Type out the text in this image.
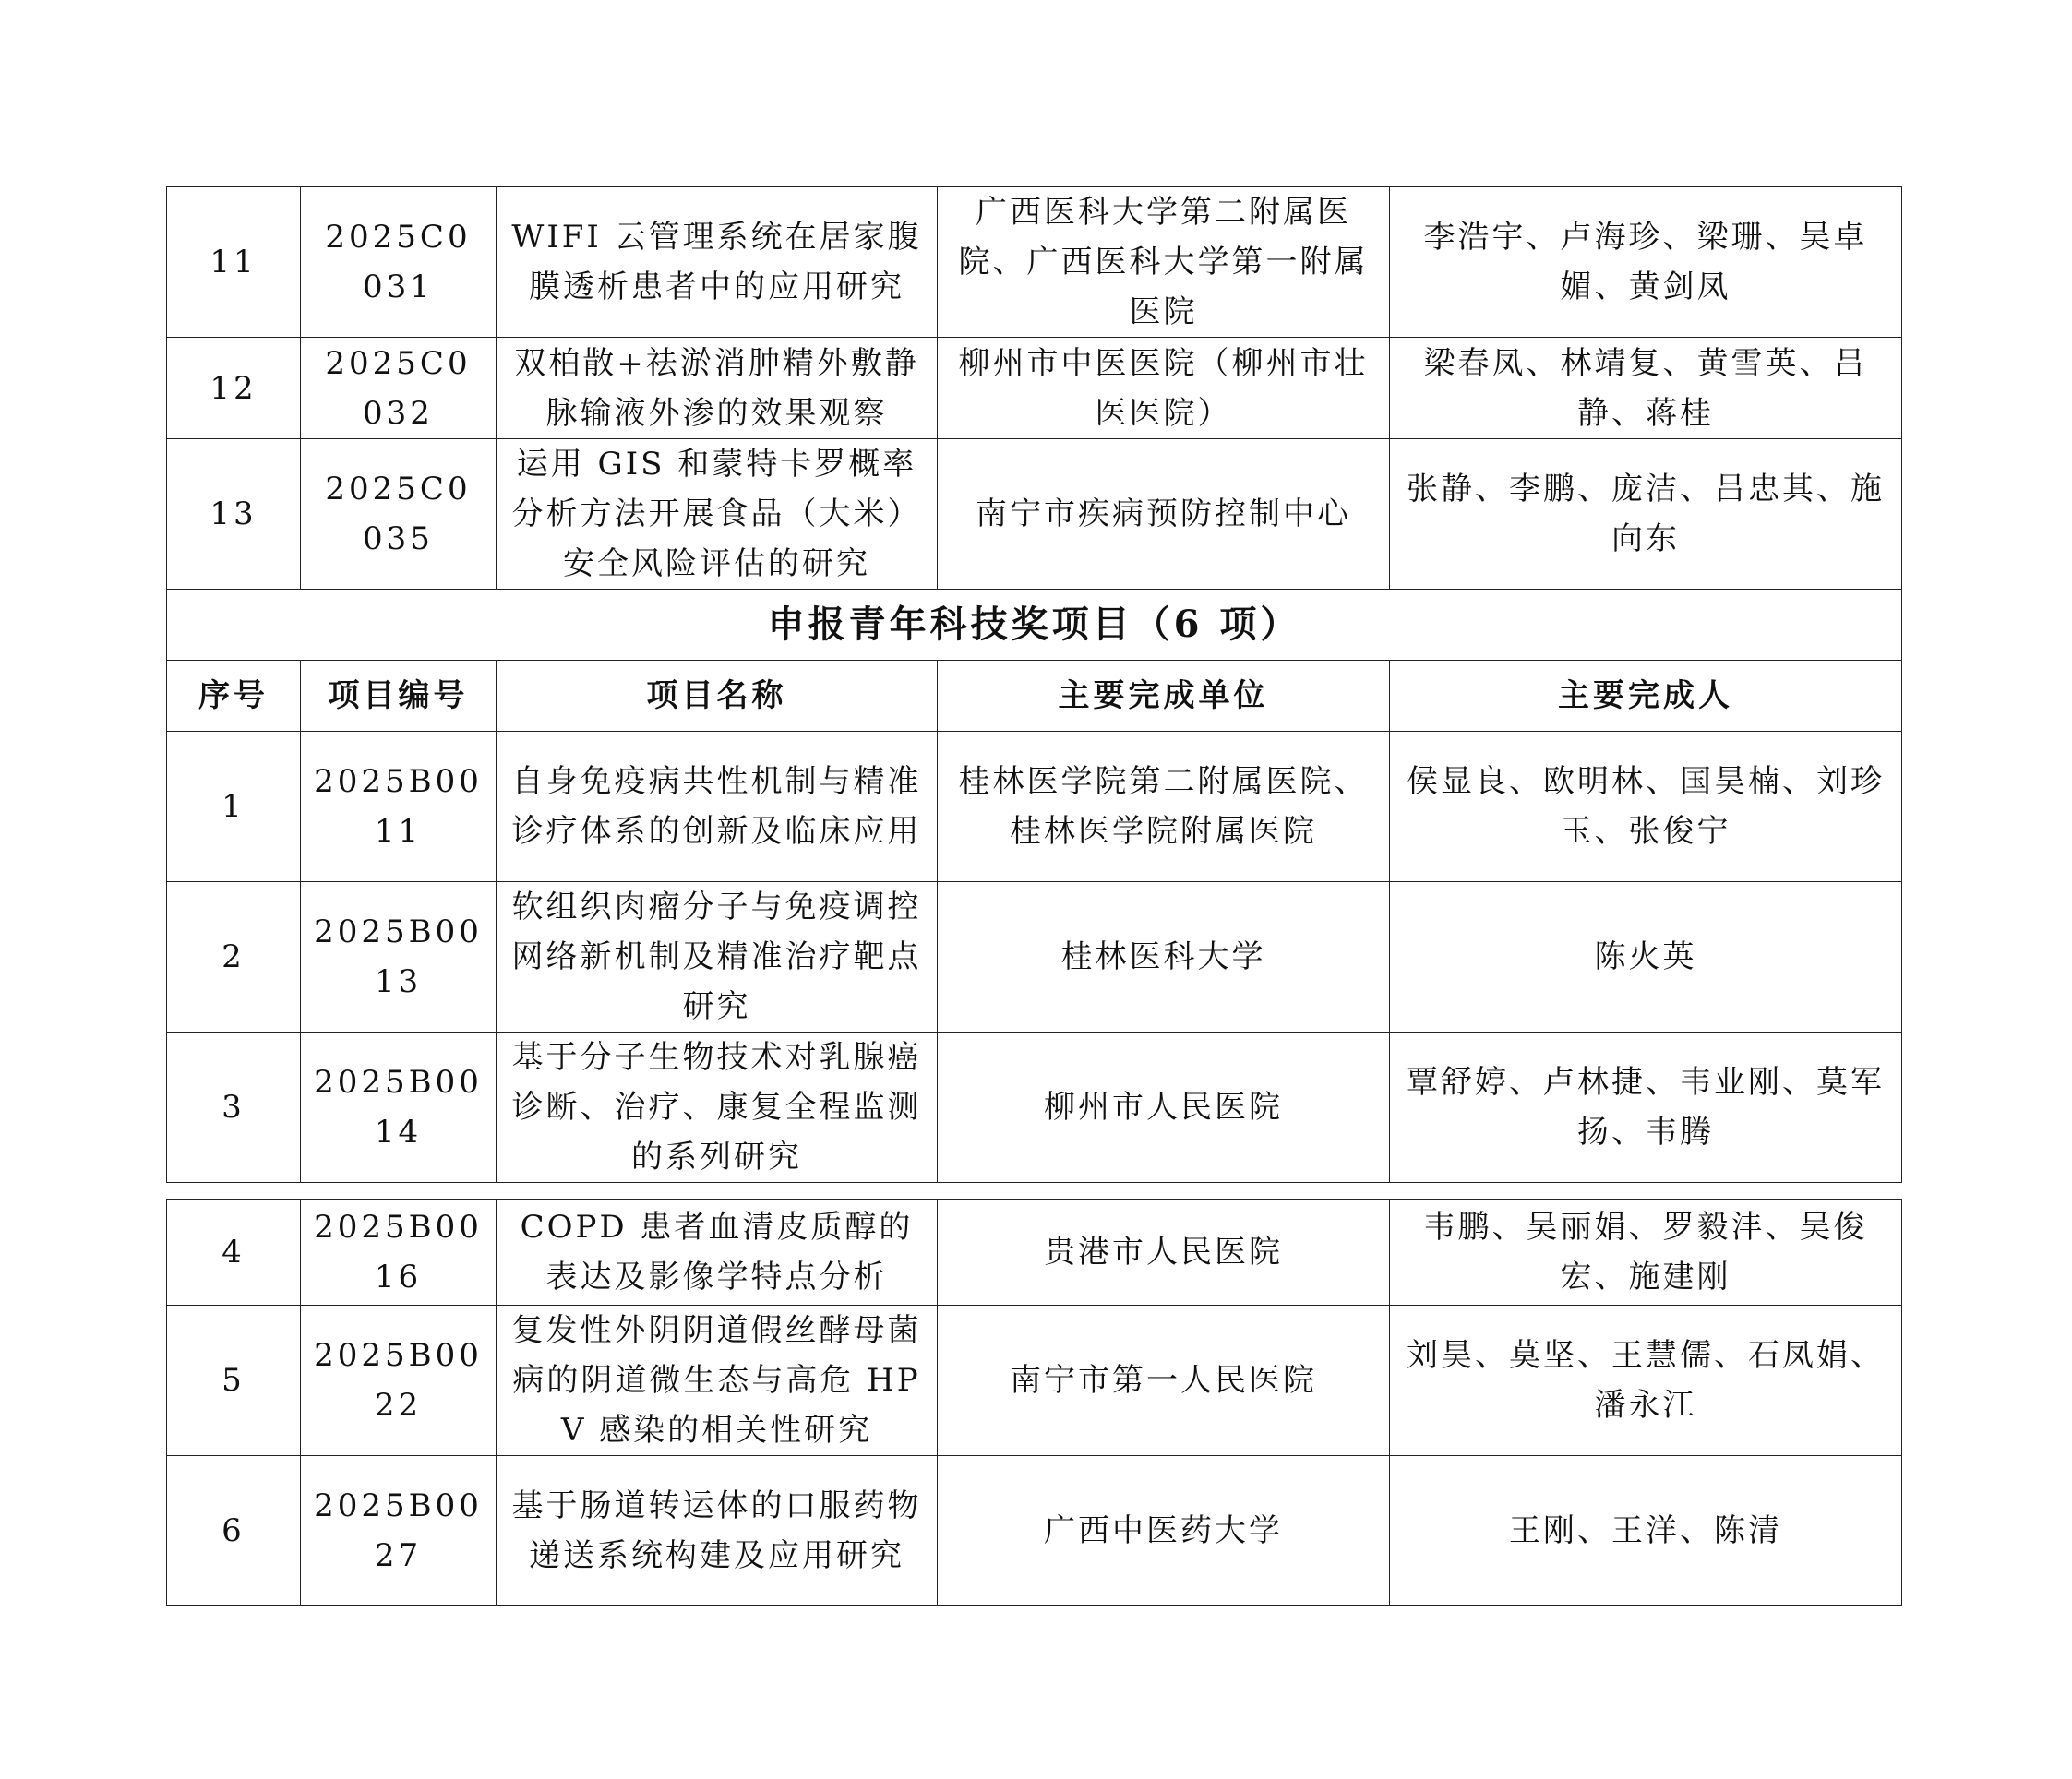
11	2025C0031	WIFI 云管理系统在居家腹膜透析患者中的应用研究	广西医科大学第二附属医院、广西医科大学第一附属医院	李浩宇、卢海珍、梁珊、吴卓媚、黄剑凤
12	2025C0032	双柏散+祛淤消肿精外敷静脉输液外渗的效果观察	柳州市中医医院（柳州市壮医医院）	梁春凤、林靖复、黄雪英、吕静、蒋桂
13	2025C0035	运用 GIS 和蒙特卡罗概率分析方法开展食品（大米）安全风险评估的研究	南宁市疾病预防控制中心	张静、李鹏、庞洁、吕忠其、施向东
申报青年科技奖项目（6 项）				
序号	项目编号	项目名称	主要完成单位	主要完成人
1	2025B0011	自身免疫病共性机制与精准诊疗体系的创新及临床应用	桂林医学院第二附属医院、桂林医学院附属医院	侯显良、欧明林、国昊楠、刘珍玉、张俊宁
2	2025B0013	软组织肉瘤分子与免疫调控网络新机制及精准治疗靶点研究	桂林医科大学	陈火英
3	2025B0014	基于分子生物技术对乳腺癌诊断、治疗、康复全程监测的系列研究	柳州市人民医院	覃舒婷、卢林捷、韦业刚、莫军扬、韦腾
4	2025B0016	COPD 患者血清皮质醇的表达及影像学特点分析	贵港市人民医院	韦鹏、吴丽娟、罗毅沣、吴俊宏、施建刚
5	2025B0022	复发性外阴阴道假丝酵母菌病的阴道微生态与高危 HPV 感染的相关性研究	南宁市第一人民医院	刘昊、莫坚、王慧儒、石凤娟、潘永江
6	2025B0027	基于肠道转运体的口服药物递送系统构建及应用研究	广西中医药大学	王刚、王洋、陈清
